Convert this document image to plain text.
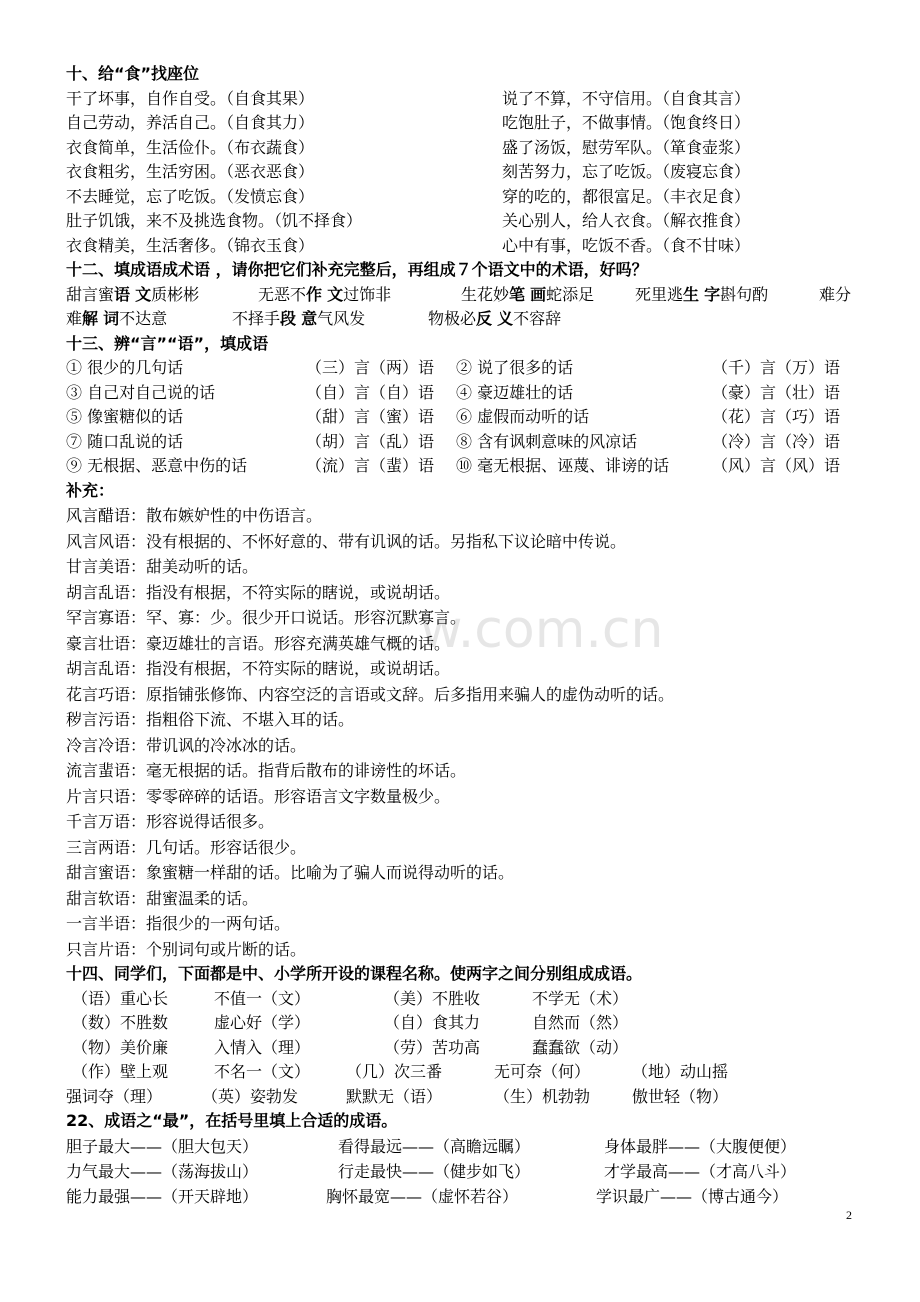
w.com.cn
十、给“食”找座位
干了坏事，自作自受。（自食其果）	说了不算，不守信用。（自食其言）
自己劳动，养活自己。（自食其力）	吃饱肚子，不做事情。（饱食终日）
衣食简单，生活俭仆。（布衣蔬食）	盛了汤饭，慰劳军队。（箪食壶浆）
衣食粗劣，生活穷困。（恶衣恶食）	刻苦努力，忘了吃饭。（废寝忘食）
不去睡觉，忘了吃饭。（发愤忘食）	穿的吃的，都很富足。（丰衣足食）
肚子饥饿，来不及挑选食物。（饥不择食）	关心别人，给人衣食。（解衣推食）
衣食精美，生活奢侈。（锦衣玉食）	心中有事，吃饭不香。（食不甘味）
十二、填成语成术语 ，请你把它们补充完整后，再组成７个语文中的术语，好吗？
甜言蜜语 文质彬彬	无恶不作 文过饰非	生花妙笔 画蛇添足	死里逃生 字斟句酌	难分
难解 词不达意	不择手段 意气风发	物极必反 义不容辞
十三、辨“言”“语”，填成语
① 很少的几句话	（三）言（两）语 ② 说了很多的话	（千）言（万）语
③ 自己对自己说的话	（自）言（自）语 ④ 豪迈雄壮的话	（豪）言（壮）语
⑤ 像蜜糖似的话	（甜）言（蜜）语 ⑥ 虚假而动听的话	（花）言（巧）语
⑦ 随口乱说的话	（胡）言（乱）语 ⑧ 含有讽刺意味的风凉话	（冷）言（冷）语
⑨ 无根据、恶意中伤的话	（流）言（蜚）语 ⑩ 毫无根据、诬蔑、诽谤的话	（风）言（风）语
补充：
风言醋语：散布嫉妒性的中伤语言。
风言风语：没有根据的、不怀好意的、带有讥讽的话。另指私下议论暗中传说。
甘言美语：甜美动听的话。
胡言乱语：指没有根据，不符实际的瞎说，或说胡话。
罕言寡语：罕、寡：少。很少开口说话。形容沉默寡言。
豪言壮语：豪迈雄壮的言语。形容充满英雄气概的话。
胡言乱语：指没有根据，不符实际的瞎说，或说胡话。
花言巧语：原指铺张修饰、内容空泛的言语或文辞。后多指用来骗人的虚伪动听的话。
秽言污语：指粗俗下流、不堪入耳的话。
冷言冷语：带讥讽的冷冰冰的话。
流言蜚语：毫无根据的话。指背后散布的诽谤性的坏话。
片言只语：零零碎碎的话语。形容语言文字数量极少。
千言万语：形容说得话很多。
三言两语：几句话。形容话很少。
甜言蜜语：象蜜糖一样甜的话。比喻为了骗人而说得动听的话。
甜言软语：甜蜜温柔的话。
一言半语：指很少的一两句话。
只言片语：个别词句或片断的话。
十四、同学们，下面都是中、小学所开设的课程名称。使两字之间分别组成成语。
（语）重心长	不值一（文）	（美）不胜收	不学无（术）
（数）不胜数	虚心好（学）	（自）食其力	自然而（然）
（物）美价廉	入情入（理）	（劳）苦功高	蠢蠢欲（动）
（作）壁上观	不名一（文） （几）次三番	无可奈（何）	（地）动山摇
强词夺（理） （英）姿勃发	默默无（语）	（生）机勃勃	傲世轻（物）
22、成语之“最”，在括号里填上合适的成语。
胆子最大——（胆大包天）	看得最远——（高瞻远瞩）	身体最胖——（大腹便便）
力气最大——（荡海拔山）	行走最快——（健步如飞）	才学最高——（才高八斗）
能力最强——（开天辟地）	胸怀最宽——（虚怀若谷）	学识最广——（博古通今）
2
